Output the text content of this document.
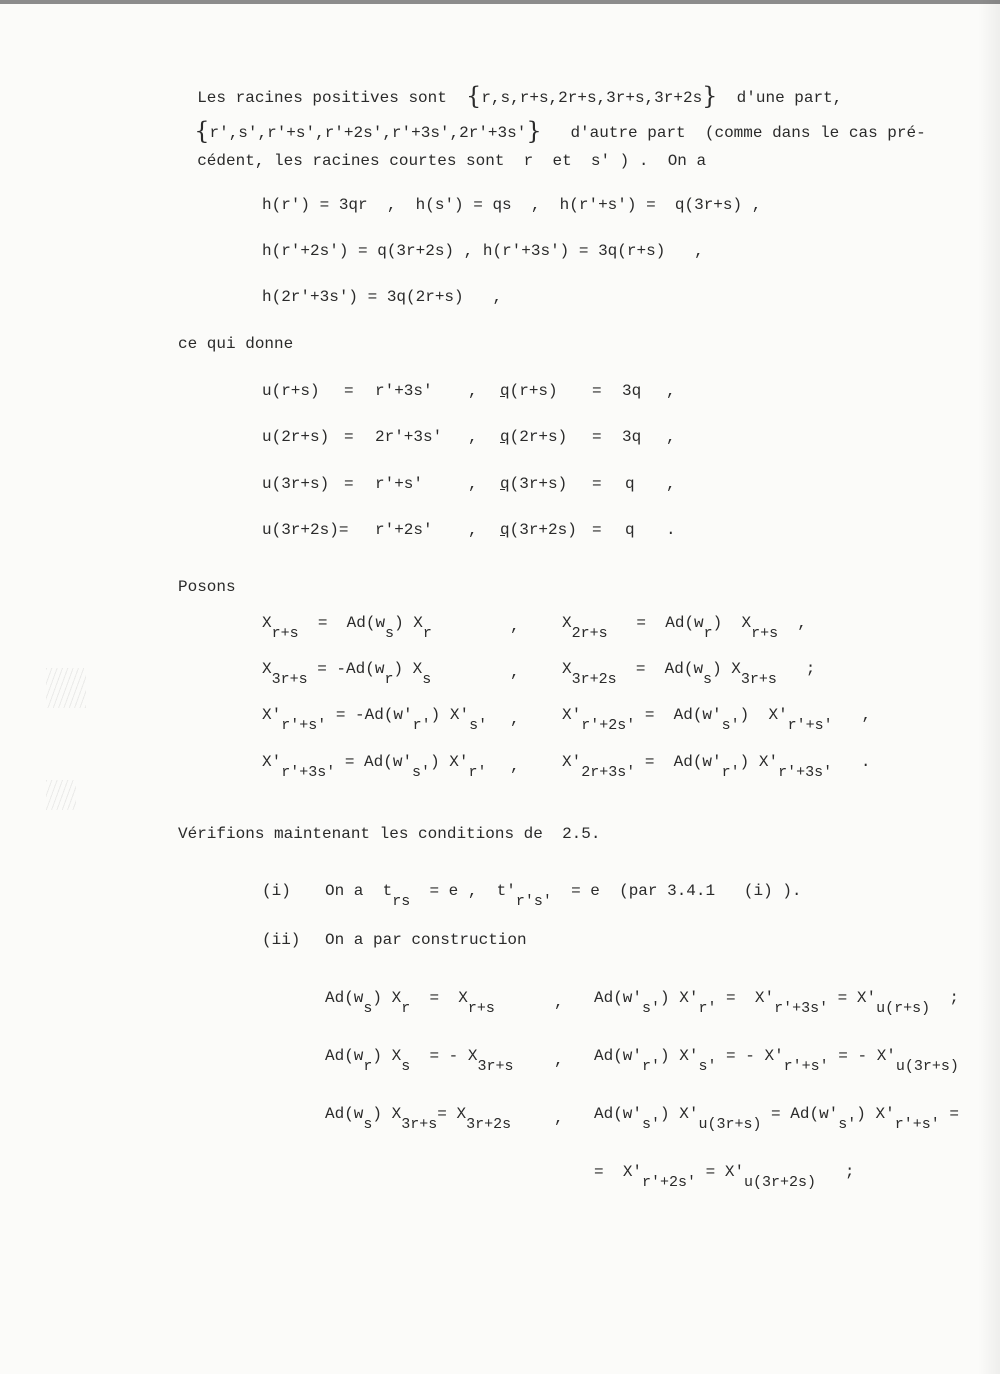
Les racines positives sont {r,s,r+s,2r+s,3r+s,3r+2s} d'une part,

{r',s',r'+s',r'+2s',r'+3s',2r'+3s'} d'autre part (comme dans le cas pré-

cédent, les racines courtes sont r et s' ) . On a

h(r') = 3qr , h(s') = qs , h(r'+s') = q(3r+s) ,
h(r'+2s') = q(3r+2s) , h(r'+3s') = 3q(r+s) ,
h(2r'+3s') = 3q(2r+s) ,
ce qui donne
u(r+s) = r'+3s' , q(r+s) = 3q ,
u(2r+s) = 2r'+3s' , q(2r+s) = 3q ,
u(3r+s) = r'+s'	, q(3r+s) = q ,
u(3r+2s)= r'+2s' , q(3r+2s) = q .
Posons
Xr+s  =  Ad(ws) Xr	,	X2r+s   =  Ad(wr)  Xr+s  ,
X3r+s = -Ad(wr) Xs	,	X3r+2s  =  Ad(ws) X3r+s   ;
X'r'+s' = -Ad(w'r') X's' ,	X'r'+2s' =  Ad(w's')  X'r'+s'   ,
X'r'+3s' = Ad(w's') X'r' ,	X'2r+3s' =  Ad(w'r') X'r'+3s'   .
Vérifions maintenant les conditions de 2.5.
(i) On a trs  = e , t'r's'  = e (par 3.4.1 (i) ).
(ii) On a par construction
Ad(ws) Xr  =  Xr+s	, Ad(w's') X'r' =  X'r'+3s' = X'u(r+s)  ;
Ad(wr) Xs  = - X3r+s	, Ad(w'r') X's' = - X'r'+s' = - X'u(3r+s)
Ad(ws) X3r+s= X3r+2s	, Ad(w's') X'u(3r+s) = Ad(w's') X'r'+s' =
=  X'r'+2s' = X'u(3r+2s)   ;
